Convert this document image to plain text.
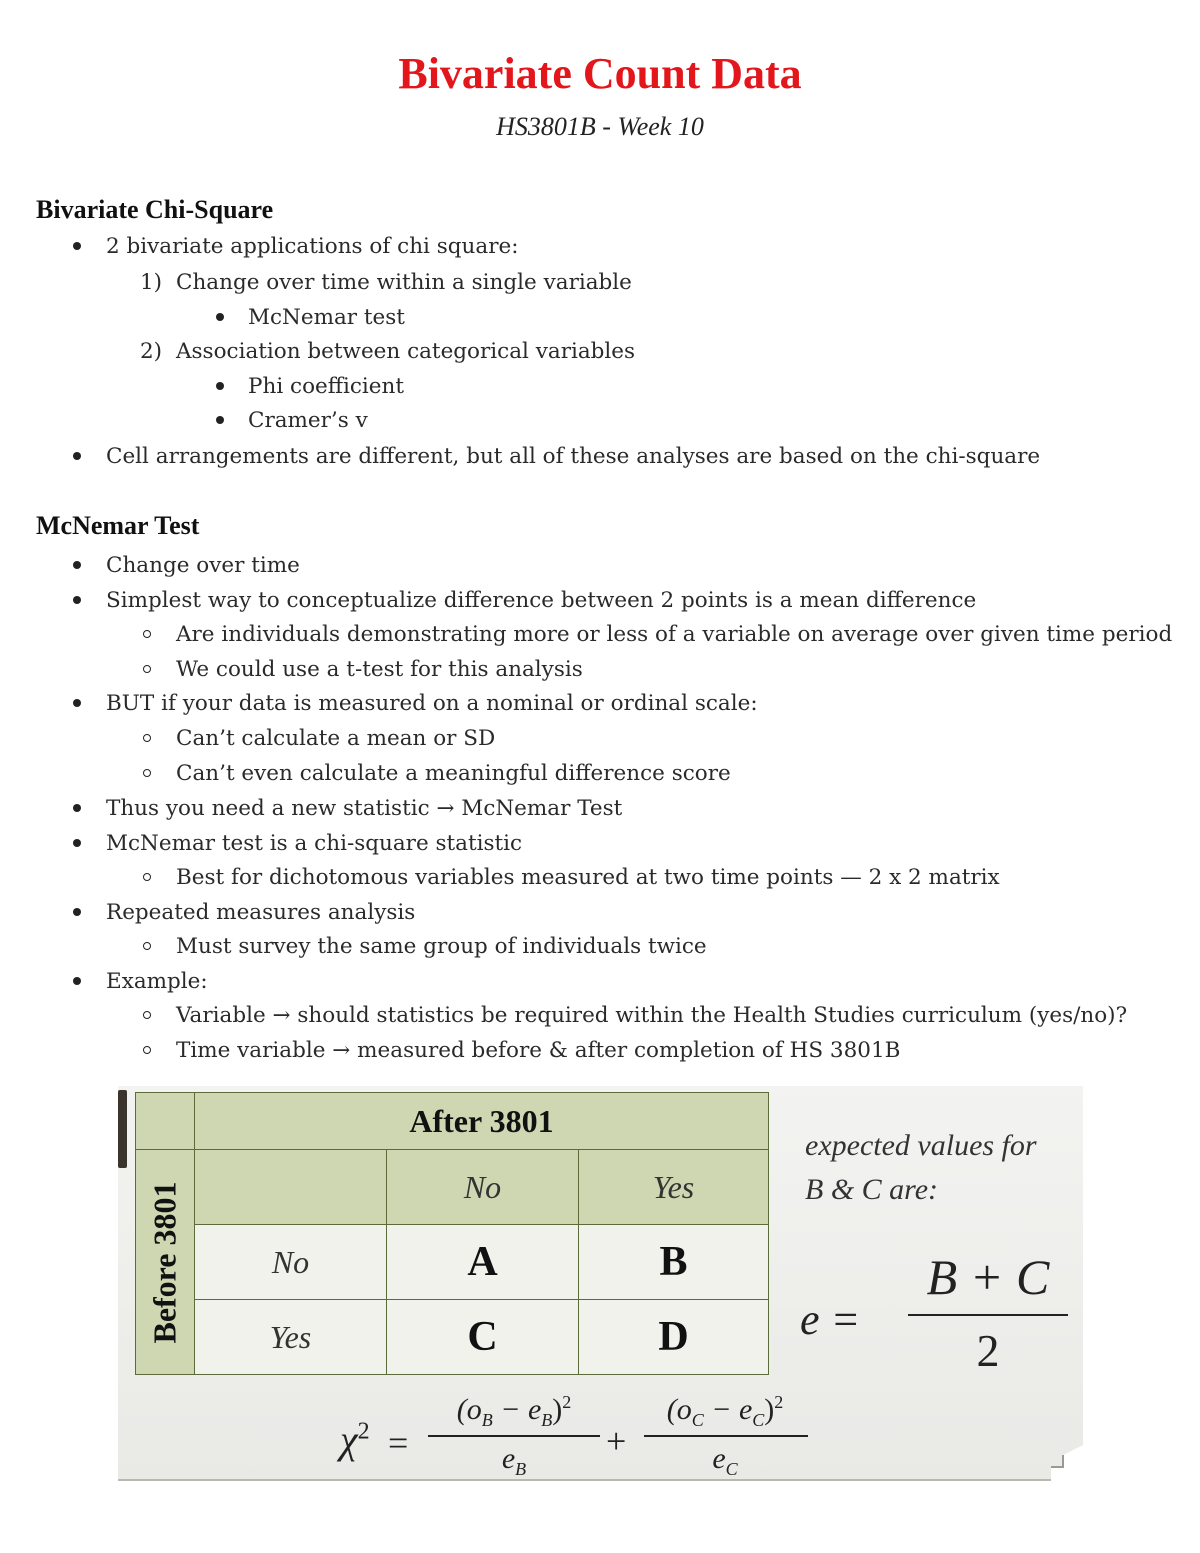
Bivariate Count Data
HS3801B - Week 10
Bivariate Chi-Square
2 bivariate applications of chi square:
1) Change over time within a single variable
McNemar test
2) Association between categorical variables
Phi coefficient
Cramer’s v
Cell arrangements are different, but all of these analyses are based on the chi-square
McNemar Test
Change over time
Simplest way to conceptualize difference between 2 points is a mean difference
Are individuals demonstrating more or less of a variable on average over given time period
We could use a t-test for this analysis
BUT if your data is measured on a nominal or ordinal scale:
Can’t calculate a mean or SD
Can’t even calculate a meaningful difference score
Thus you need a new statistic → McNemar Test
McNemar test is a chi-square statistic
Best for dichotomous variables measured at two time points — 2 x 2 matrix
Repeated measures analysis
Must survey the same group of individuals twice
Example:
Variable → should statistics be required within the Health Studies curriculum (yes/no)?
Time variable → measured before & after completion of HS 3801B
After 3801
Before 3801	No	Yes
No	A	B
Yes	C	D
expected values for
B & C are:
e =
B + C
2
$\chi^2$ =
$(o_B - e_B)^2$
$e_B$
+
$(o_C - e_C)^2$
$e_C$
